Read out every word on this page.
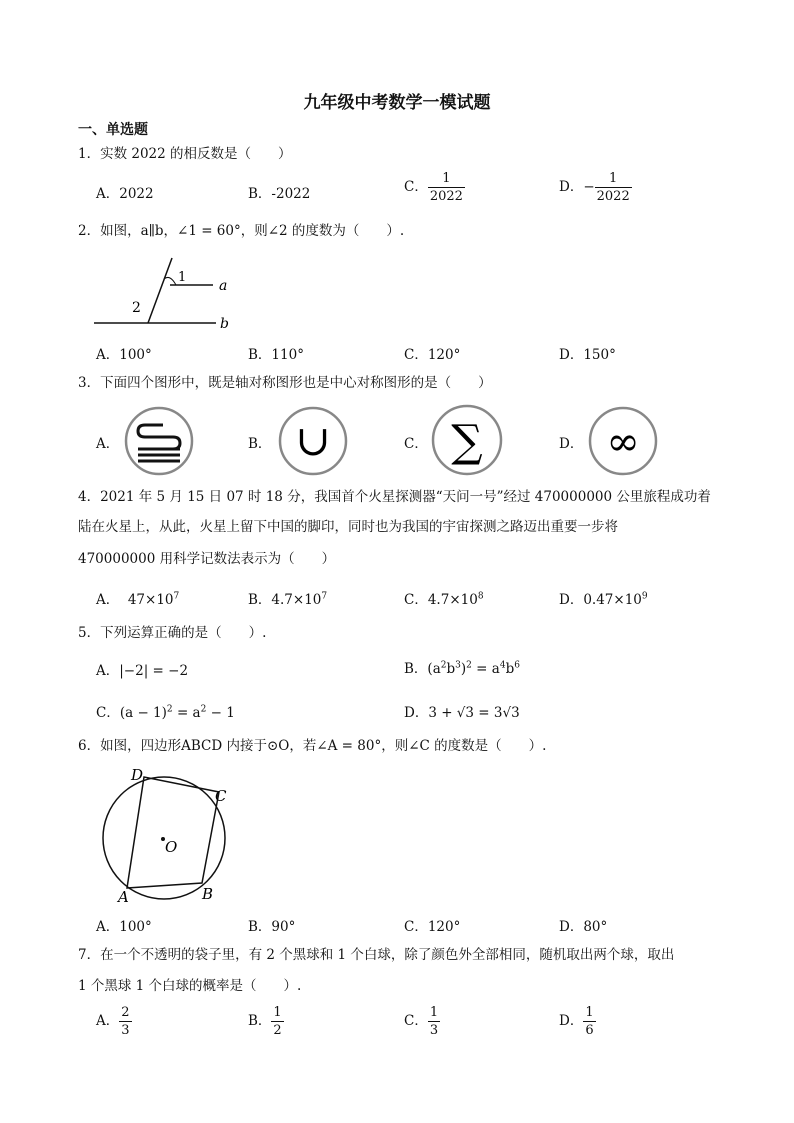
九年级中考数学一模试题
一、单选题
1．实数 2022 的相反数是（　　）
A．2022	B．-2022	C． $\frac{1}{2022}$	D．− $\frac{1}{2022}$
2．如图，a∥b，∠1 = 60°，则∠2 的度数为（　　）.
1
2
a
b
A．100°	B．110°	C．120°	D．150°
3．下面四个图形中，既是轴对称图形也是中心对称图形的是（　　）
A．	B． ∪	C． ∑	D． ∞
4．2021 年 5 月 15 日 07 时 18 分，我国首个火星探测器“天问一号”经过 470000000 公里旅程成功着
陆在火星上，从此，火星上留下中国的脚印，同时也为我国的宇宙探测之路迈出重要一步将
470000000 用科学记数法表示为（　　）
A． $47\times 10^7$	B．$4.7\times 10^7$	C．$4.7\times 10^8$	D．$0.47\times 10^9$
5．下列运算正确的是（　　）.
A．|−2| = −2	B．$(a^2b^3)^2 = a^4b^6$
C．$(a - 1)^2 = a^2 - 1$	D．3 + √3 = 3√3
6．如图，四边形ABCD 内接于⊙O，若∠A = 80°，则∠C 的度数是（　　）.
A	B
C
D
O
A．100°	B．90°	C．120°	D．80°
7．在一个不透明的袋子里，有 2 个黑球和 1 个白球，除了颜色外全部相同，随机取出两个球，取出
1 个黑球 1 个白球的概率是（　　）.
A． $\frac{2}{3}$	B． $\frac{1}{2}$	C． $\frac{1}{3}$	D． $\frac{1}{6}$
